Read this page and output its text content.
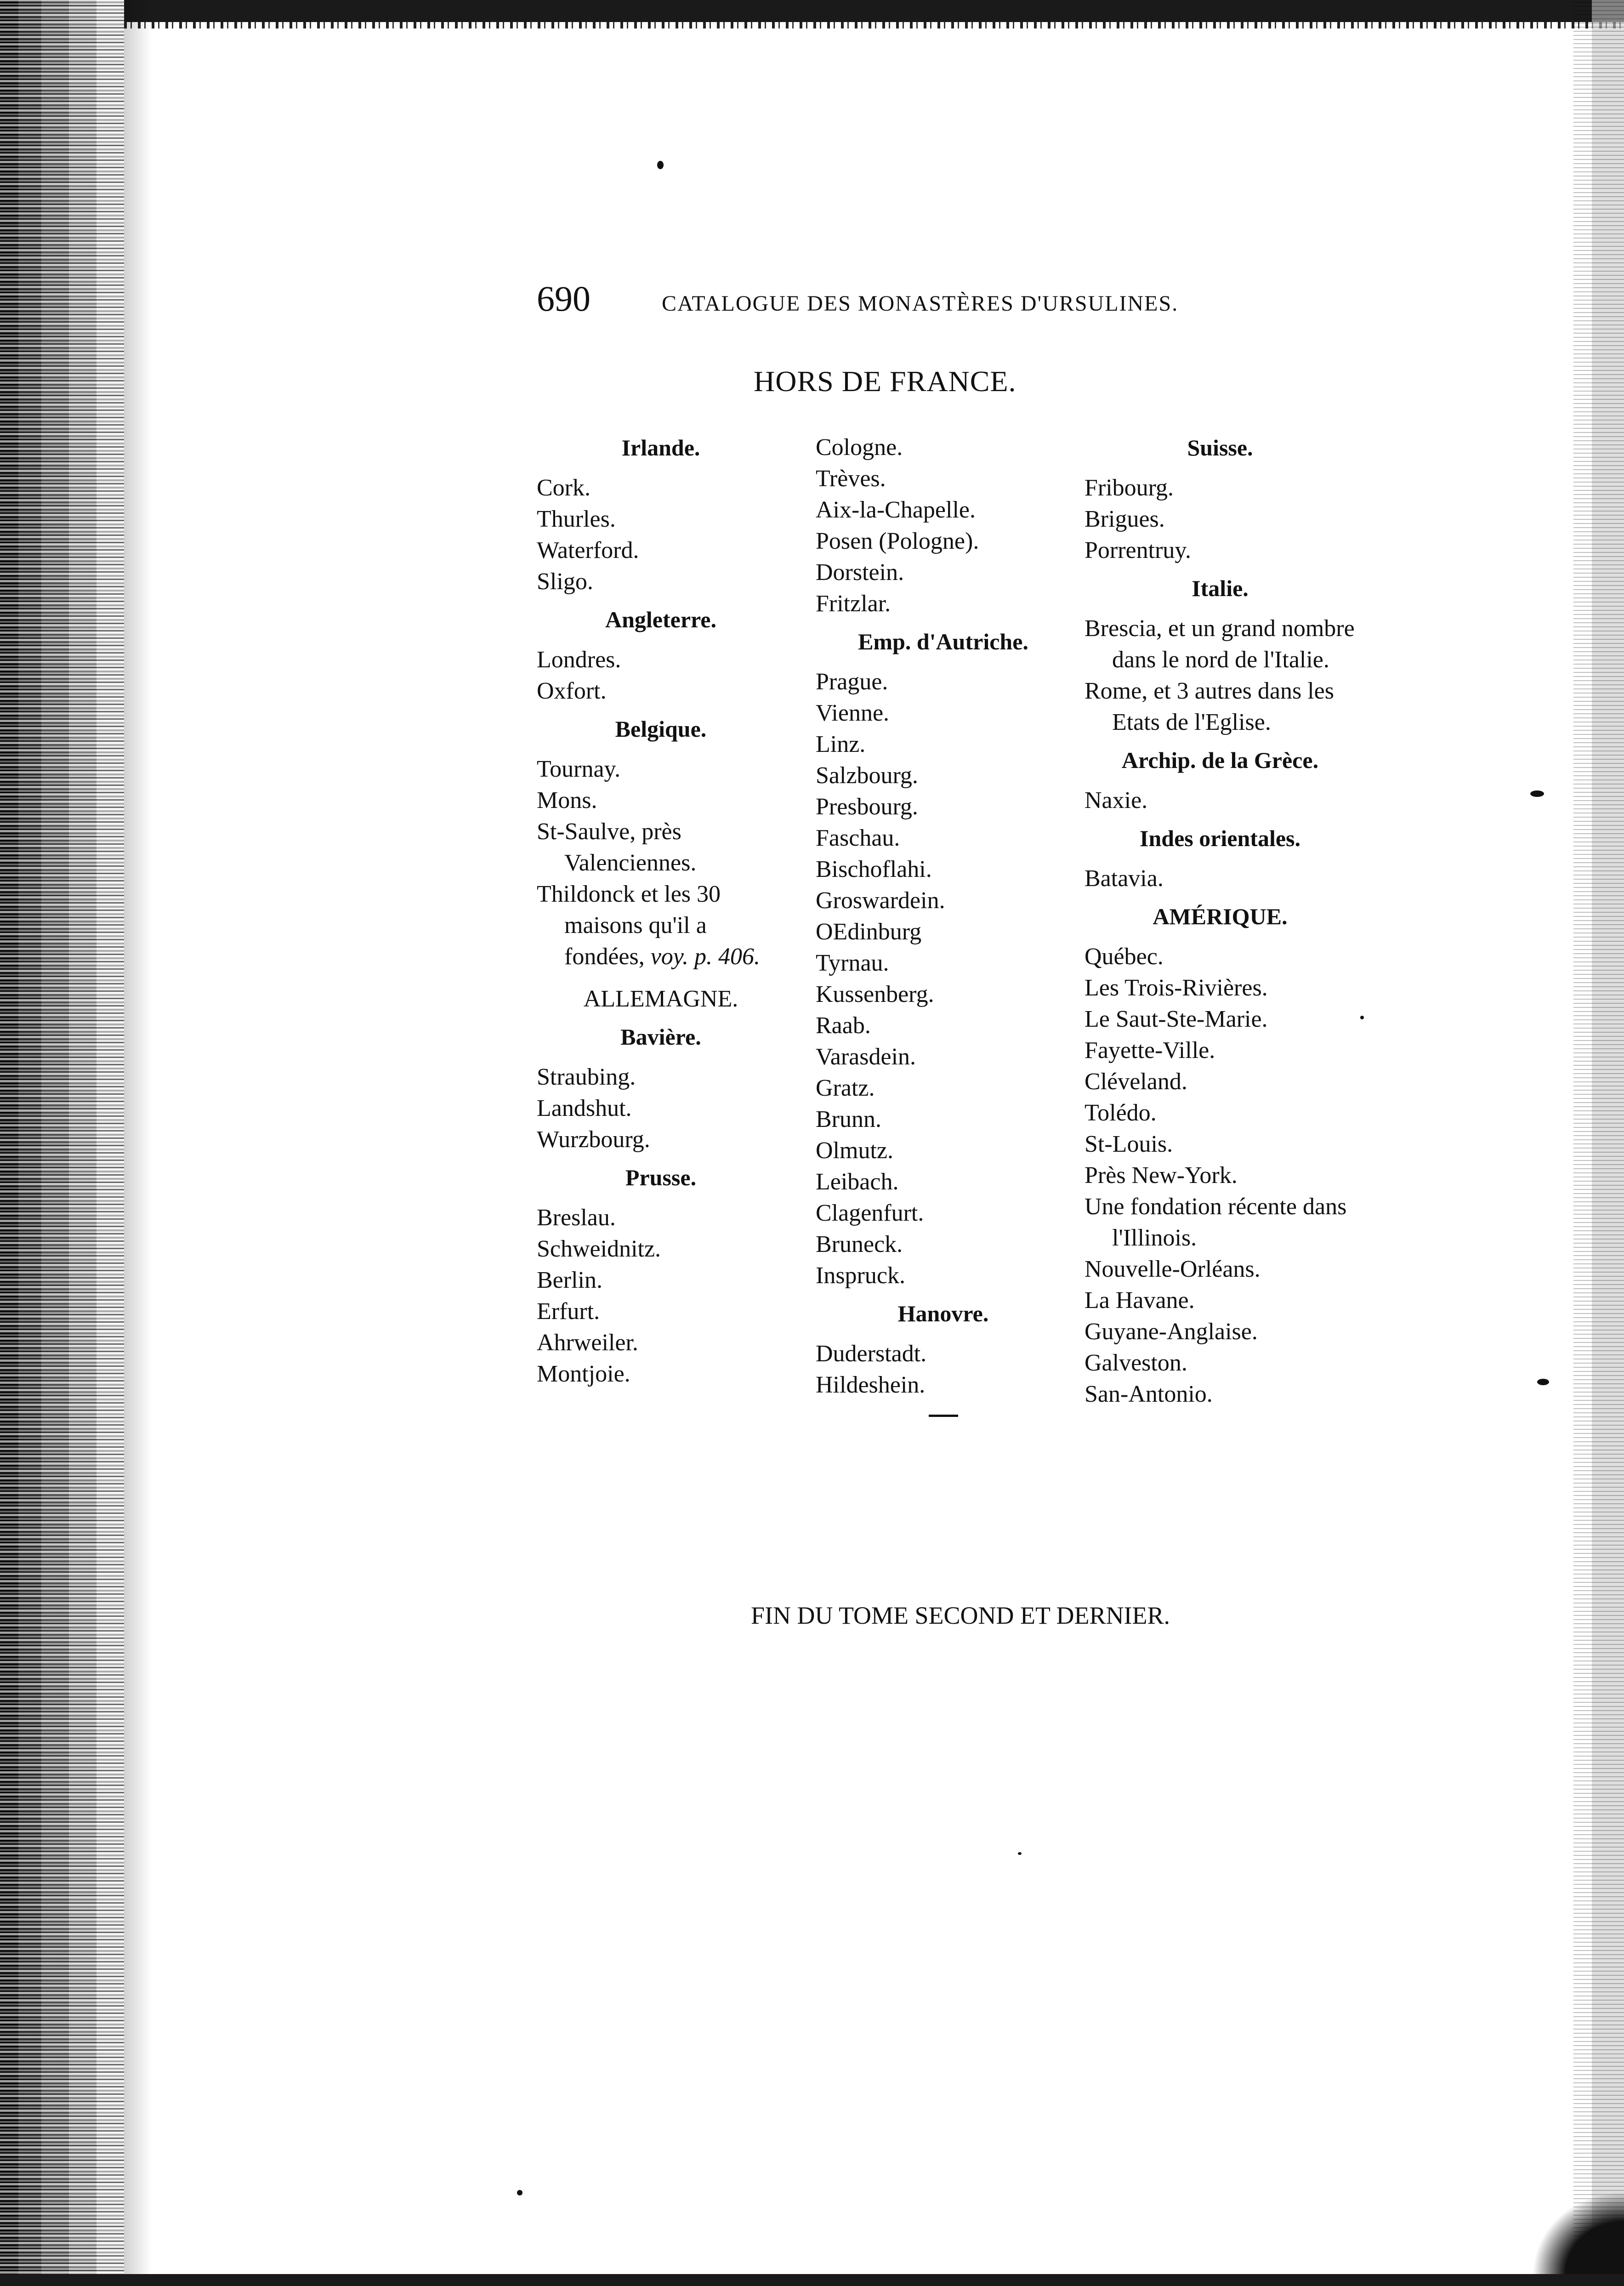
690	CATALOGUE DES MONASTÈRES D'URSULINES.
HORS DE FRANCE.
Irlande.
Cork.
Thurles.
Waterford.
Sligo.
Angleterre.
Londres.
Oxfort.
Belgique.
Tournay.
Mons.
St-Saulve, près Valenciennes.
Thildonck et les 30 maisons qu'il a fondées, voy. p. 406.
ALLEMAGNE.
Bavière.
Straubing.
Landshut.
Wurzbourg.
Prusse.
Breslau.
Schweidnitz.
Berlin.
Erfurt.
Ahrweiler.
Montjoie.
Cologne.
Trèves.
Aix-la-Chapelle.
Posen (Pologne).
Dorstein.
Fritzlar.
Emp. d'Autriche.
Prague.
Vienne.
Linz.
Salzbourg.
Presbourg.
Faschau.
Bischoflahi.
Groswardein.
OEdinburg
Tyrnau.
Kussenberg.
Raab.
Varasdein.
Gratz.
Brunn.
Olmutz.
Leibach.
Clagenfurt.
Bruneck.
Inspruck.
Hanovre.
Duderstadt.
Hildeshein.
Suisse.
Fribourg.
Brigues.
Porrentruy.
Italie.
Brescia, et un grand nombre dans le nord de l'Italie.
Rome, et 3 autres dans les Etats de l'Eglise.
Archip. de la Grèce.
Naxie.
Indes orientales.
Batavia.
AMÉRIQUE.
Québec.
Les Trois-Rivières.
Le Saut-Ste-Marie.
Fayette-Ville.
Cléveland.
Tolédo.
St-Louis.
Près New-York.
Une fondation récente dans l'Illinois.
Nouvelle-Orléans.
La Havane.
Guyane-Anglaise.
Galveston.
San-Antonio.
FIN DU TOME SECOND ET DERNIER.
